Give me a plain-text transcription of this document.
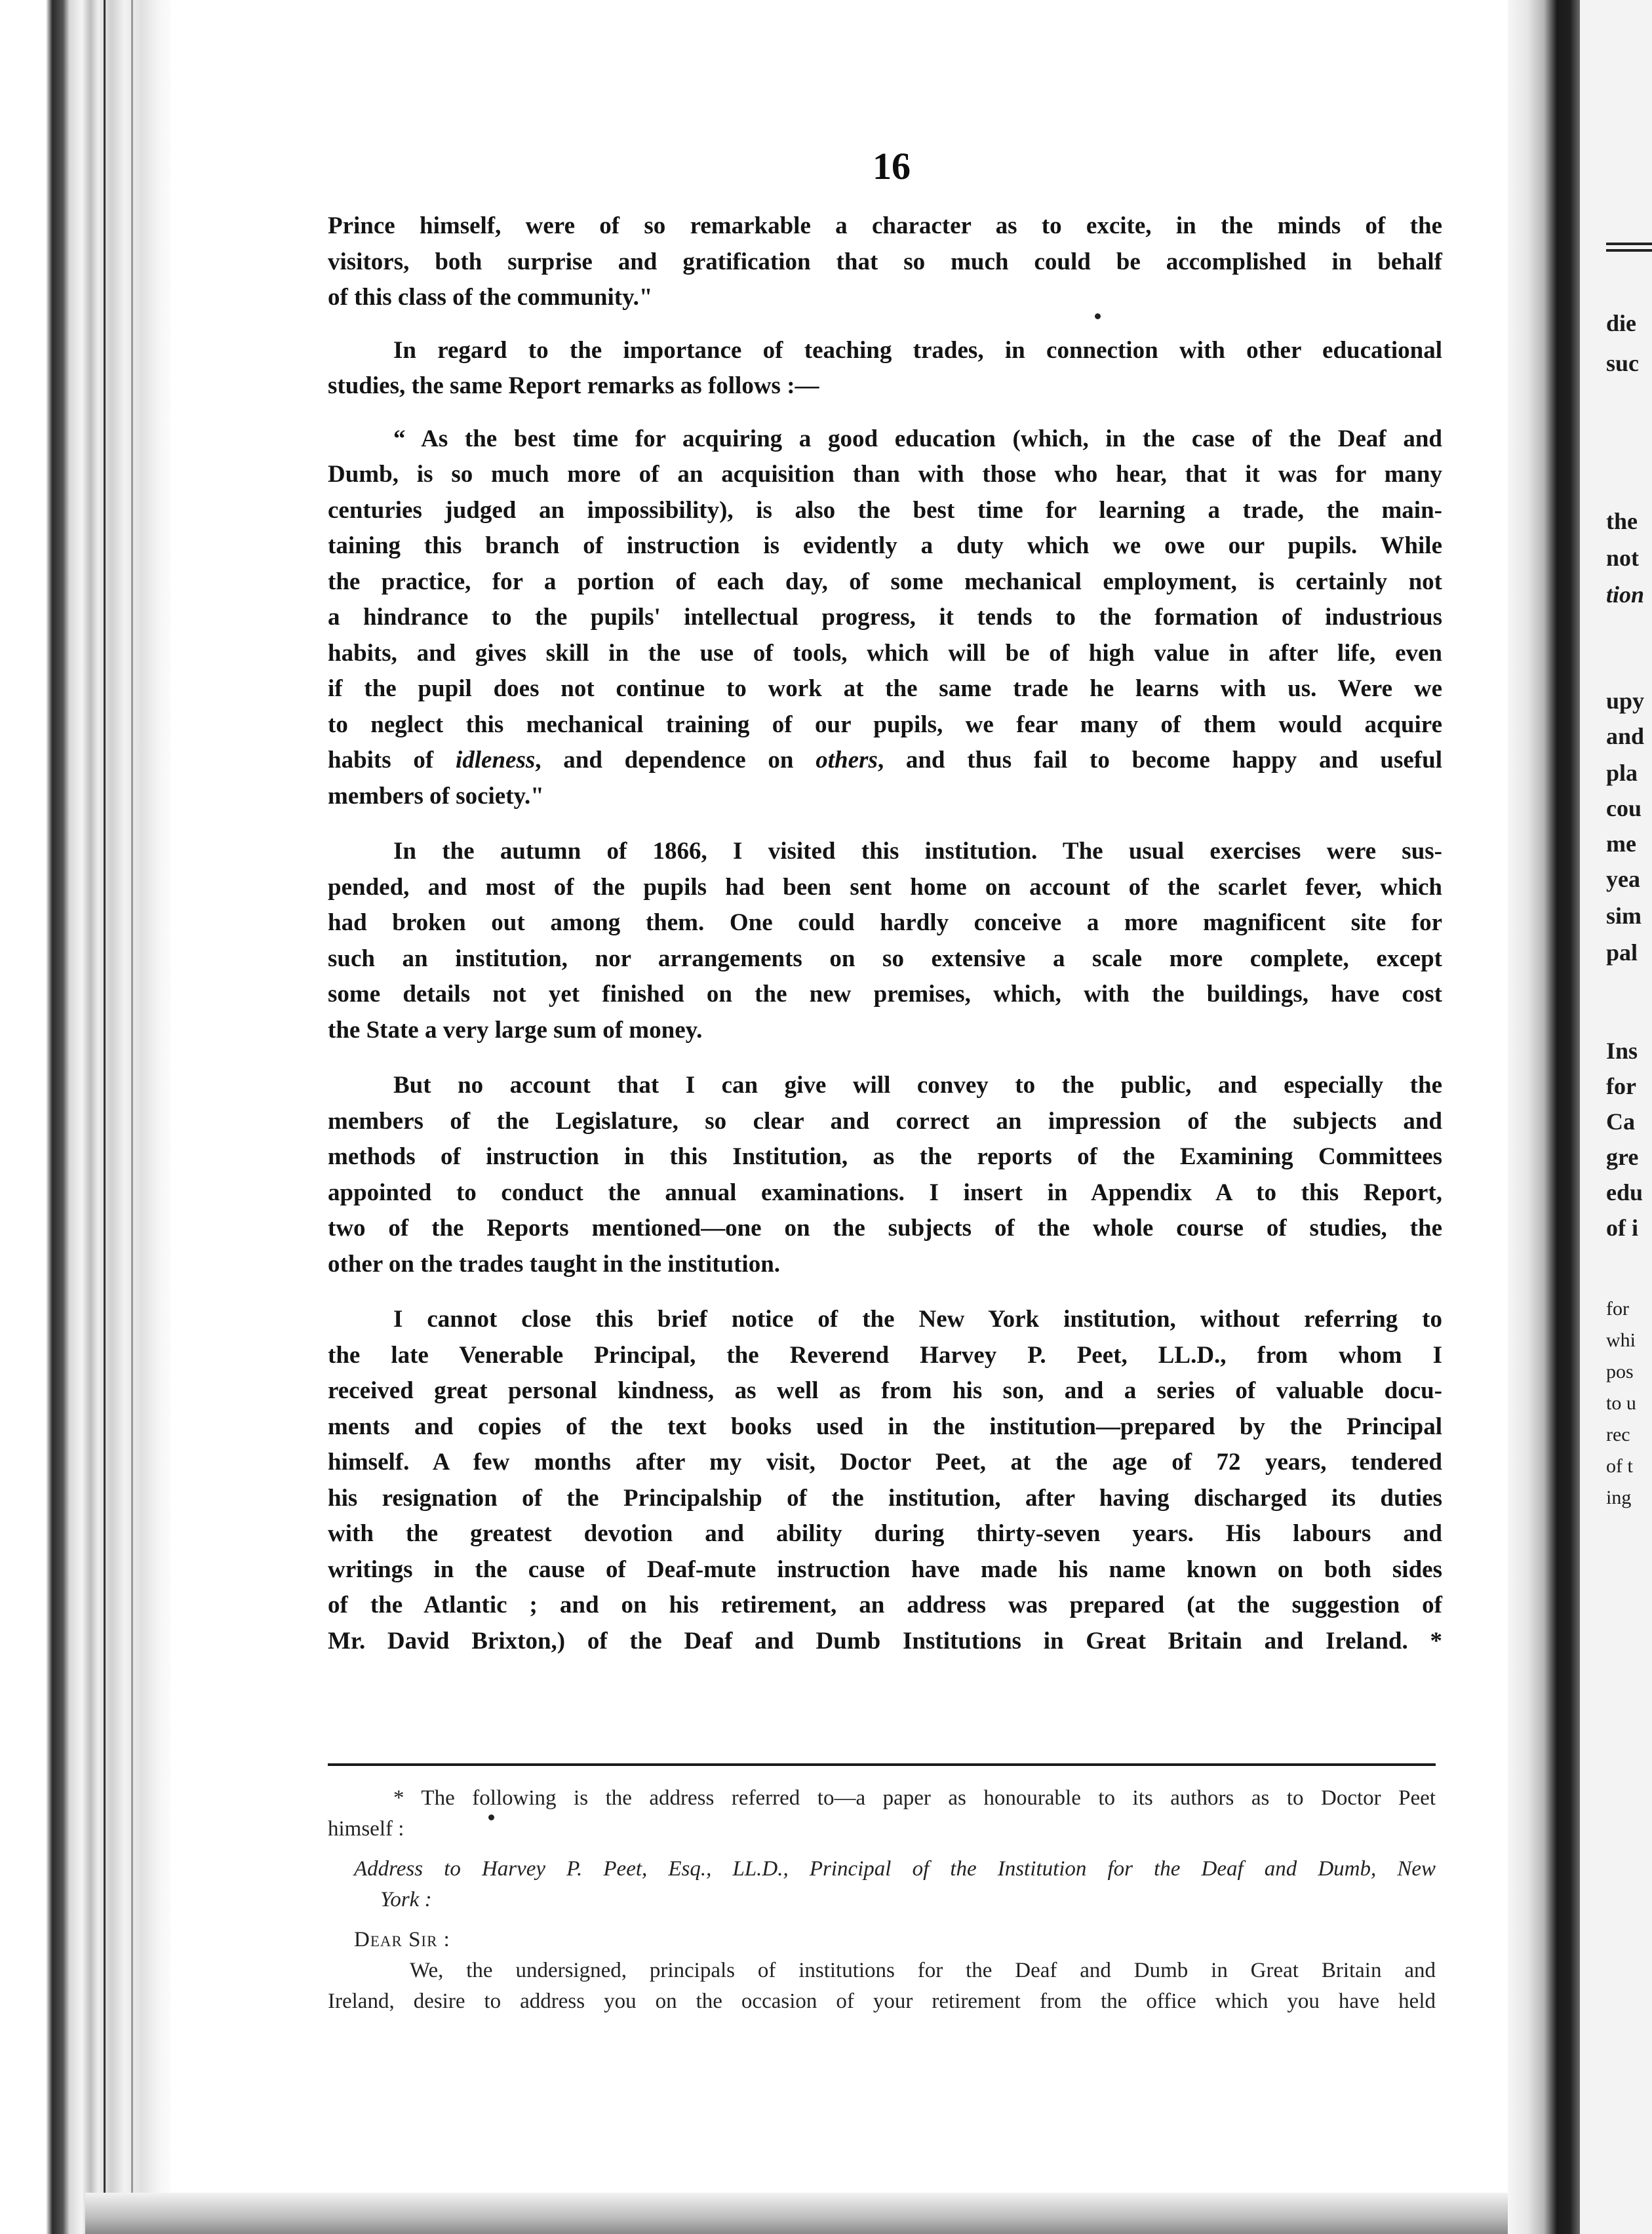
die
suc
the
not
tion
upy
and
pla
cou
me
yea
sim
pal
Ins
for
Ca
gre
edu
of i
for
whi
pos
to u
rec
of t
ing
16

Prince himself, were of so remarkable a character as to excite, in the minds of the
visitors, both surprise and gratification that so much could be accomplished in behalf
of this class of the community."

In regard to the importance of teaching trades, in connection with other educational
studies, the same Report remarks as follows :—

“ As the best time for acquiring a good education (which, in the case of the Deaf and
Dumb, is so much more of an acquisition than with those who hear, that it was for many
centuries judged an impossibility), is also the best time for learning a trade, the main-
taining this branch of instruction is evidently a duty which we owe our pupils. While
the practice, for a portion of each day, of some mechanical employment, is certainly not
a hindrance to the pupils' intellectual progress, it tends to the formation of industrious
habits, and gives skill in the use of tools, which will be of high value in after life, even
if the pupil does not continue to work at the same trade he learns with us. Were we
to neglect this mechanical training of our pupils, we fear many of them would acquire
habits of idleness, and dependence on others, and thus fail to become happy and useful
members of society."

In the autumn of 1866, I visited this institution. The usual exercises were sus-
pended, and most of the pupils had been sent home on account of the scarlet fever, which
had broken out among them. One could hardly conceive a more magnificent site for
such an institution, nor arrangements on so extensive a scale more complete, except
some details not yet finished on the new premises, which, with the buildings, have cost
the State a very large sum of money.

But no account that I can give will convey to the public, and especially the
members of the Legislature, so clear and correct an impression of the subjects and
methods of instruction in this Institution, as the reports of the Examining Committees
appointed to conduct the annual examinations. I insert in Appendix A to this Report,
two of the Reports mentioned—one on the subjects of the whole course of studies, the
other on the trades taught in the institution.

I cannot close this brief notice of the New York institution, without referring to
the late Venerable Principal, the Reverend Harvey P. Peet, LL.D., from whom I
received great personal kindness, as well as from his son, and a series of valuable docu-
ments and copies of the text books used in the institution—prepared by the Principal
himself. A few months after my visit, Doctor Peet, at the age of 72 years, tendered
his resignation of the Principalship of the institution, after having discharged its duties
with the greatest devotion and ability during thirty-seven years. His labours and
writings in the cause of Deaf-mute instruction have made his name known on both sides
of the Atlantic ; and on his retirement, an address was prepared (at the suggestion of
Mr. David Brixton,) of the Deaf and Dumb Institutions in Great Britain and Ireland. *

* The following is the address referred to—a paper as honourable to its authors as to Doctor Peet
himself :
Address to Harvey P. Peet, Esq., LL.D., Principal of the Institution for the Deaf and Dumb, New
York :
Dear Sir :
We, the undersigned, principals of institutions for the Deaf and Dumb in Great Britain and
Ireland, desire to address you on the occasion of your retirement from the office which you have held
